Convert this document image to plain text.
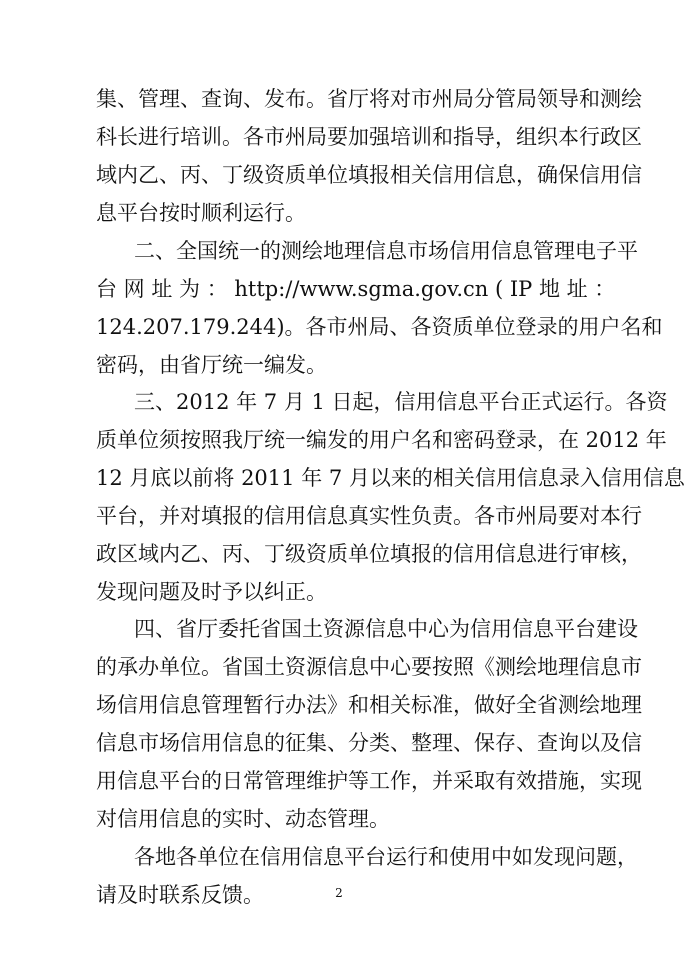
集、管理、查询、发布。省厅将对市州局分管局领导和测绘
科长进行培训。各市州局要加强培训和指导，组织本行政区
域内乙、丙、丁级资质单位填报相关信用信息，确保信用信
息平台按时顺利运行。
二、全国统一的测绘地理信息市场信用信息管理电子平
台 网 址 为 ： http://www.sgma.gov.cn ( IP 地 址 ：
124.207.179.244)。各市州局、各资质单位登录的用户名和
密码，由省厅统一编发。
三、2012 年 7 月 1 日起，信用信息平台正式运行。各资
质单位须按照我厅统一编发的用户名和密码登录，在 2012 年
12 月底以前将 2011 年 7 月以来的相关信用信息录入信用信息
平台，并对填报的信用信息真实性负责。各市州局要对本行
政区域内乙、丙、丁级资质单位填报的信用信息进行审核，
发现问题及时予以纠正。
四、省厅委托省国土资源信息中心为信用信息平台建设
的承办单位。省国土资源信息中心要按照《测绘地理信息市
场信用信息管理暂行办法》和相关标准，做好全省测绘地理
信息市场信用信息的征集、分类、整理、保存、查询以及信
用信息平台的日常管理维护等工作，并采取有效措施，实现
对信用信息的实时、动态管理。
各地各单位在信用信息平台运行和使用中如发现问题，
请及时联系反馈。	2
